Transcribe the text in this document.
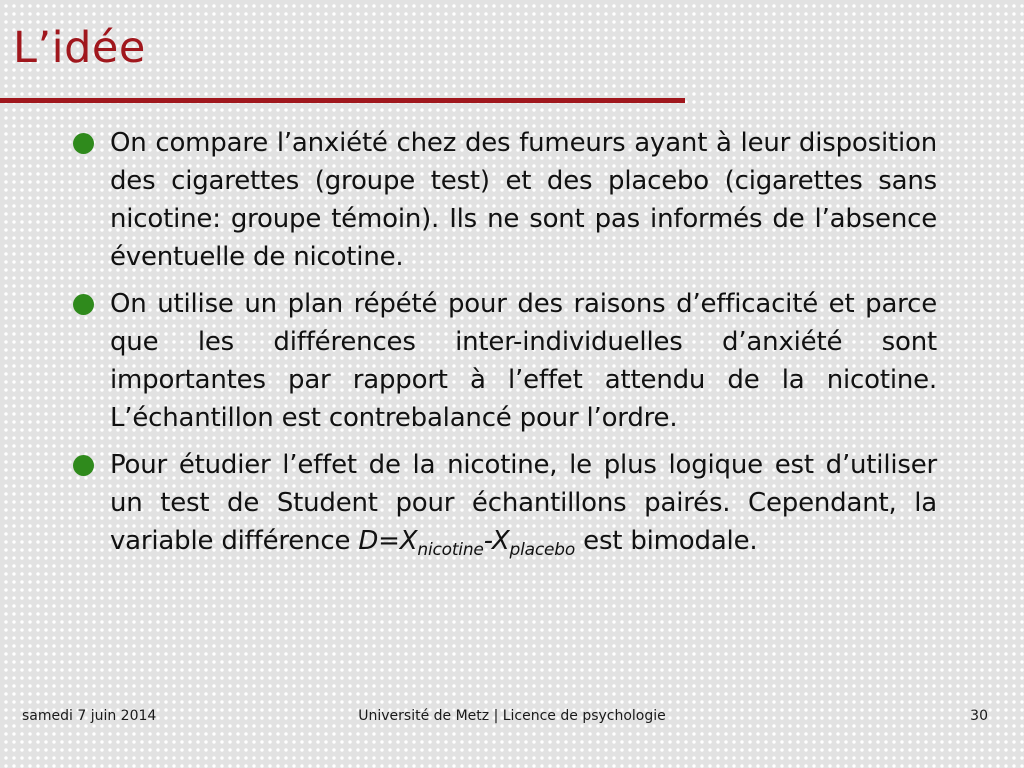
L’idée
On compare l’anxiété chez des fumeurs ayant à leur disposition des cigarettes (groupe test) et des placebo (cigarettes sans nicotine: groupe témoin). Ils ne sont pas informés de l’absence éventuelle de nicotine.
On utilise un plan répété pour des raisons d’efficacité et parce que les différences inter-individuelles d’anxiété sont importantes par rapport à l’effet attendu de la nicotine. L’échantillon est contrebalancé pour l’ordre.
Pour étudier l’effet de la nicotine, le plus logique est d’utiliser un test de Student pour échantillons pairés. Cependant, la variable différence $D=X_{nicotine}-X_{placebo}$ est bimodale.
samedi 7 juin 2014	Université de Metz | Licence de psychologie	30
